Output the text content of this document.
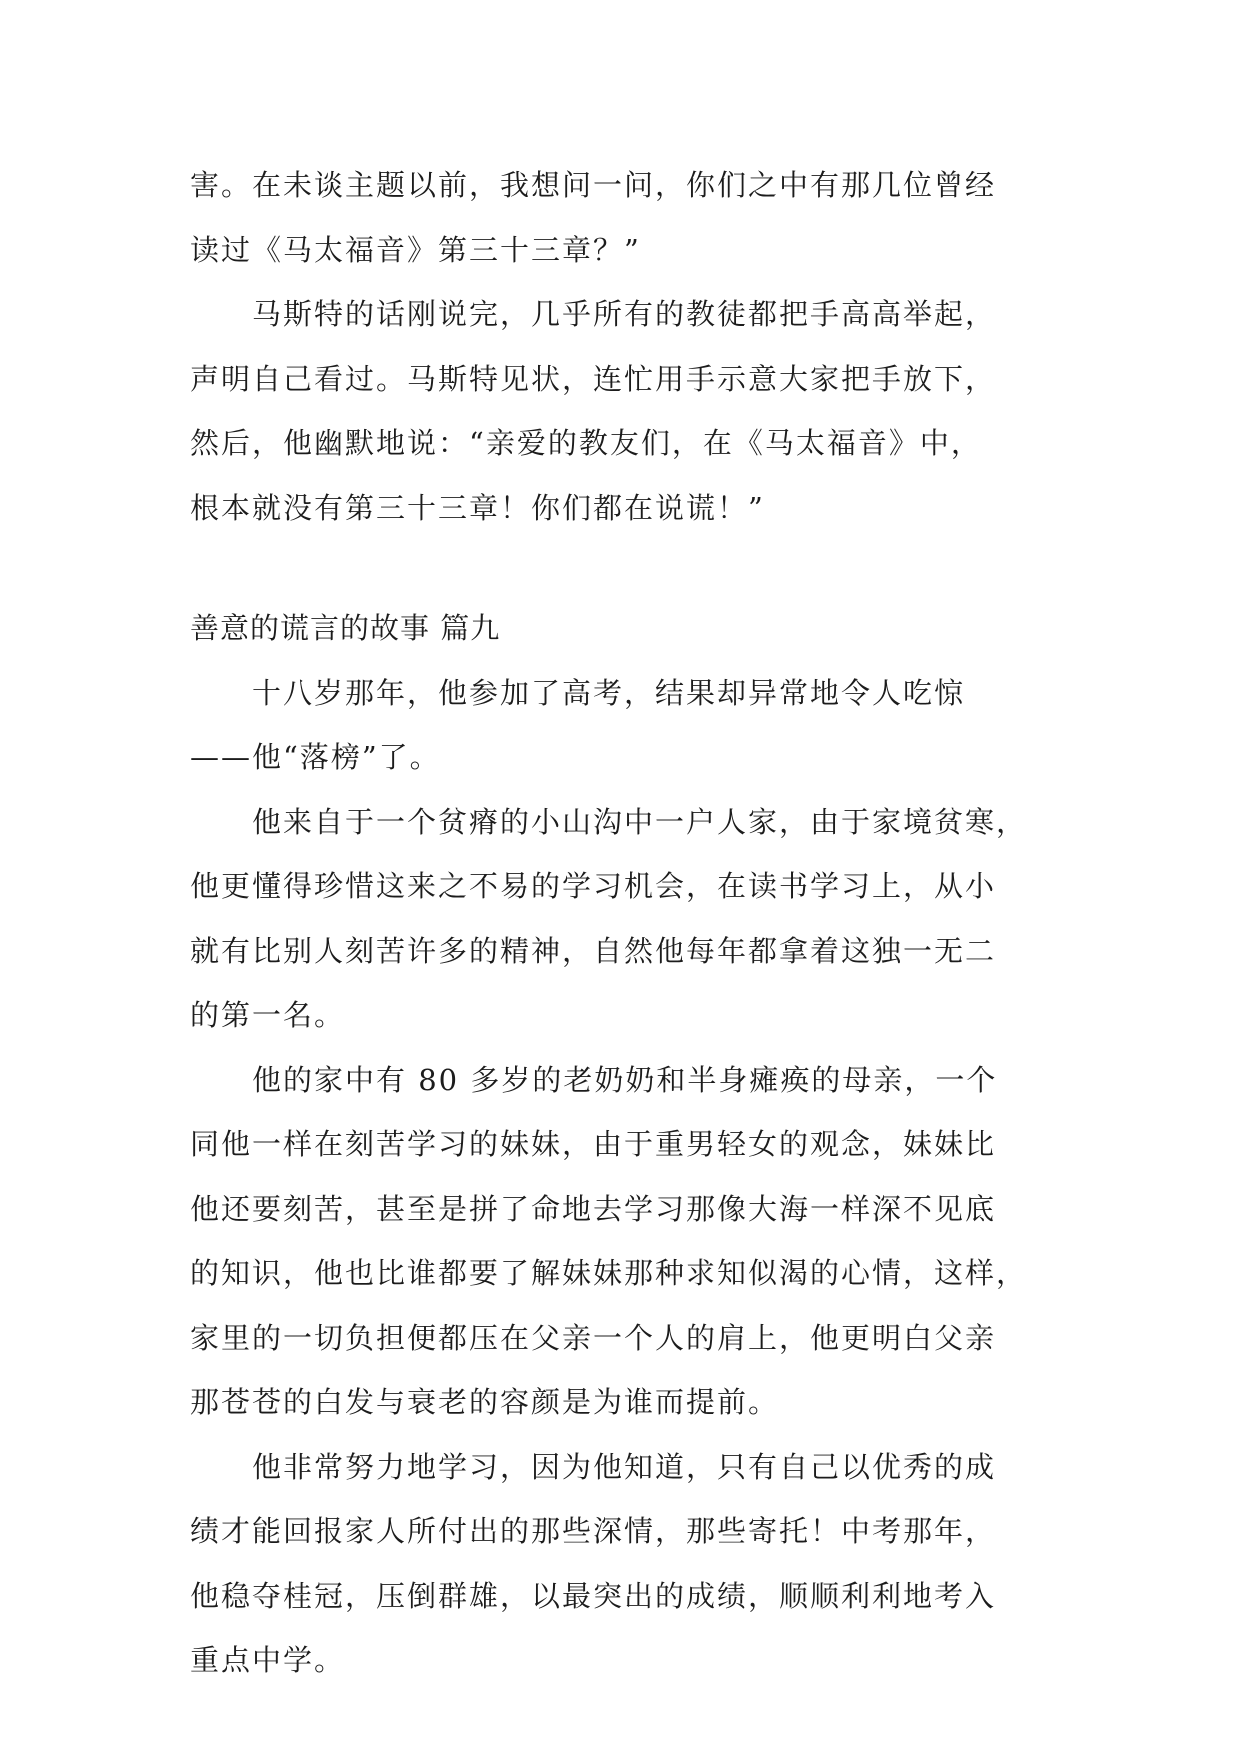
害。在未谈主题以前，我想问一问，你们之中有那几位曾经
读过《马太福音》第三十三章？”
马斯特的话刚说完，几乎所有的教徒都把手高高举起，
声明自己看过。马斯特见状，连忙用手示意大家把手放下，
然后，他幽默地说：“亲爱的教友们，在《马太福音》中，
根本就没有第三十三章！你们都在说谎！”
善意的谎言的故事 篇九
十八岁那年，他参加了高考，结果却异常地令人吃惊
——他“落榜”了。
他来自于一个贫瘠的小山沟中一户人家，由于家境贫寒，
他更懂得珍惜这来之不易的学习机会，在读书学习上，从小
就有比别人刻苦许多的精神，自然他每年都拿着这独一无二
的第一名。
他的家中有 80 多岁的老奶奶和半身瘫痪的母亲，一个
同他一样在刻苦学习的妹妹，由于重男轻女的观念，妹妹比
他还要刻苦，甚至是拼了命地去学习那像大海一样深不见底
的知识，他也比谁都要了解妹妹那种求知似渴的心情，这样，
家里的一切负担便都压在父亲一个人的肩上，他更明白父亲
那苍苍的白发与衰老的容颜是为谁而提前。
他非常努力地学习，因为他知道，只有自己以优秀的成
绩才能回报家人所付出的那些深情，那些寄托！中考那年，
他稳夺桂冠，压倒群雄，以最突出的成绩，顺顺利利地考入
重点中学。
